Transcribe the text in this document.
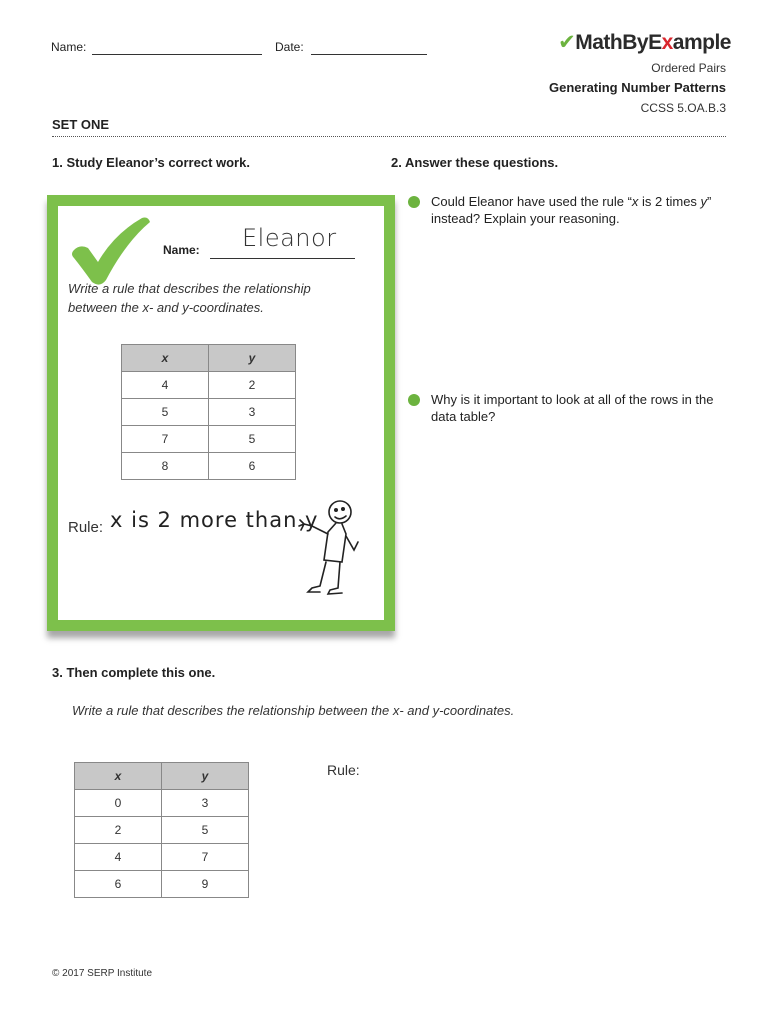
Name:	Date:	✔MathByExample
Ordered Pairs
Generating Number Patterns
CCSS 5.OA.B.3
SET ONE
1. Study Eleanor’s correct work.
Name: Eleanor
Write a rule that describes the relationship between the x- and y-coordinates.
x	y
4	2
5	3
7	5
8	6
Rule: x is 2 more than y
2. Answer these questions.
Could Eleanor have used the rule “x is 2 times y” instead? Explain your reasoning.
Why is it important to look at all of the rows in the data table?
3. Then complete this one.
Write a rule that describes the relationship between the x- and y-coordinates.
x	y
0	3
2	5
4	7
6	9
Rule:
© 2017 SERP Institute
